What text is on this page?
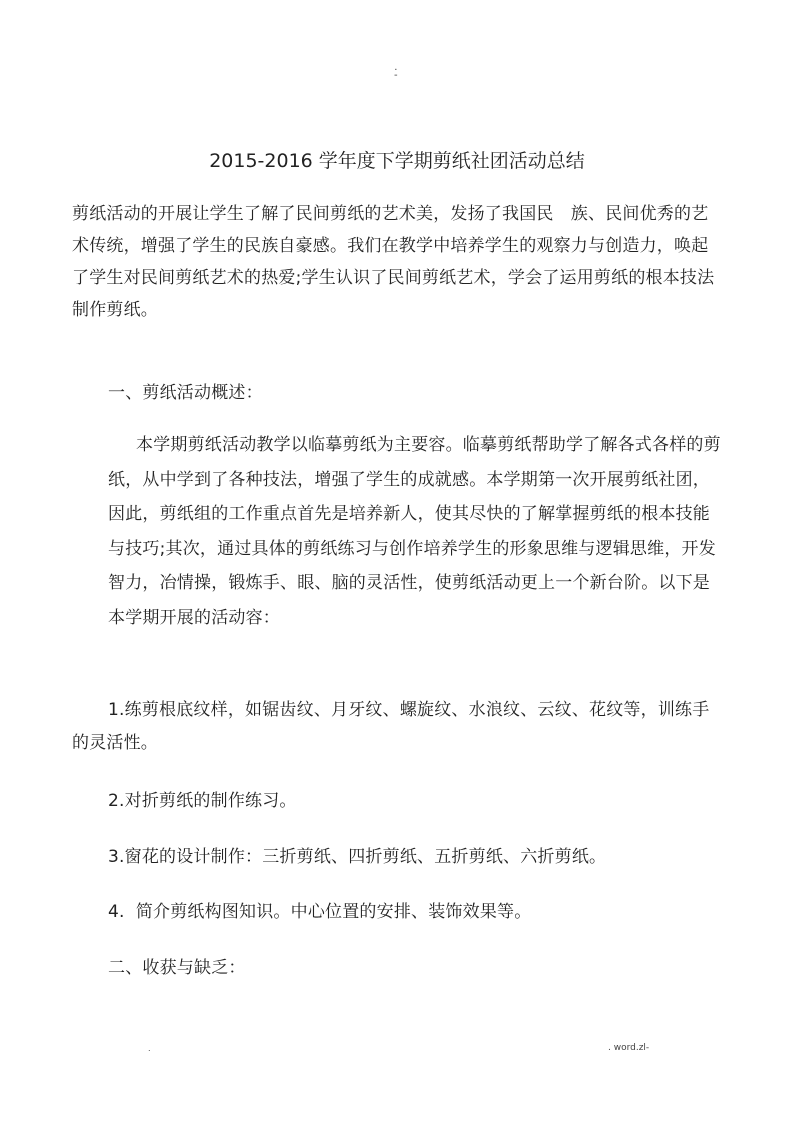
.
-
2015-2016 学年度下学期剪纸社团活动总结

剪纸活动的开展让学生了解了民间剪纸的艺术美，发扬了我国民　族、民间优秀的艺术传统，增强了学生的民族自豪感。我们在教学中培养学生的观察力与创造力，唤起了学生对民间剪纸艺术的热爱;学生认识了民间剪纸艺术，学会了运用剪纸的根本技法制作剪纸。

一、剪纸活动概述：

本学期剪纸活动教学以临摹剪纸为主要容。临摹剪纸帮助学了解各式各样的剪纸，从中学到了各种技法，增强了学生的成就感。本学期第一次开展剪纸社团，因此，剪纸组的工作重点首先是培养新人，使其尽快的了解掌握剪纸的根本技能与技巧;其次，通过具体的剪纸练习与创作培养学生的形象思维与逻辑思维，开发智力，冶情操，锻炼手、眼、脑的灵活性，使剪纸活动更上一个新台阶。以下是本学期开展的活动容：

1.练剪根底纹样，如锯齿纹、月牙纹、螺旋纹、水浪纹、云纹、花纹等，训练手的灵活性。

2.对折剪纸的制作练习。

3.窗花的设计制作：三折剪纸、四折剪纸、五折剪纸、六折剪纸。

4.  简介剪纸构图知识。中心位置的安排、装饰效果等。

二、收获与缺乏：

.	. word.zl-
